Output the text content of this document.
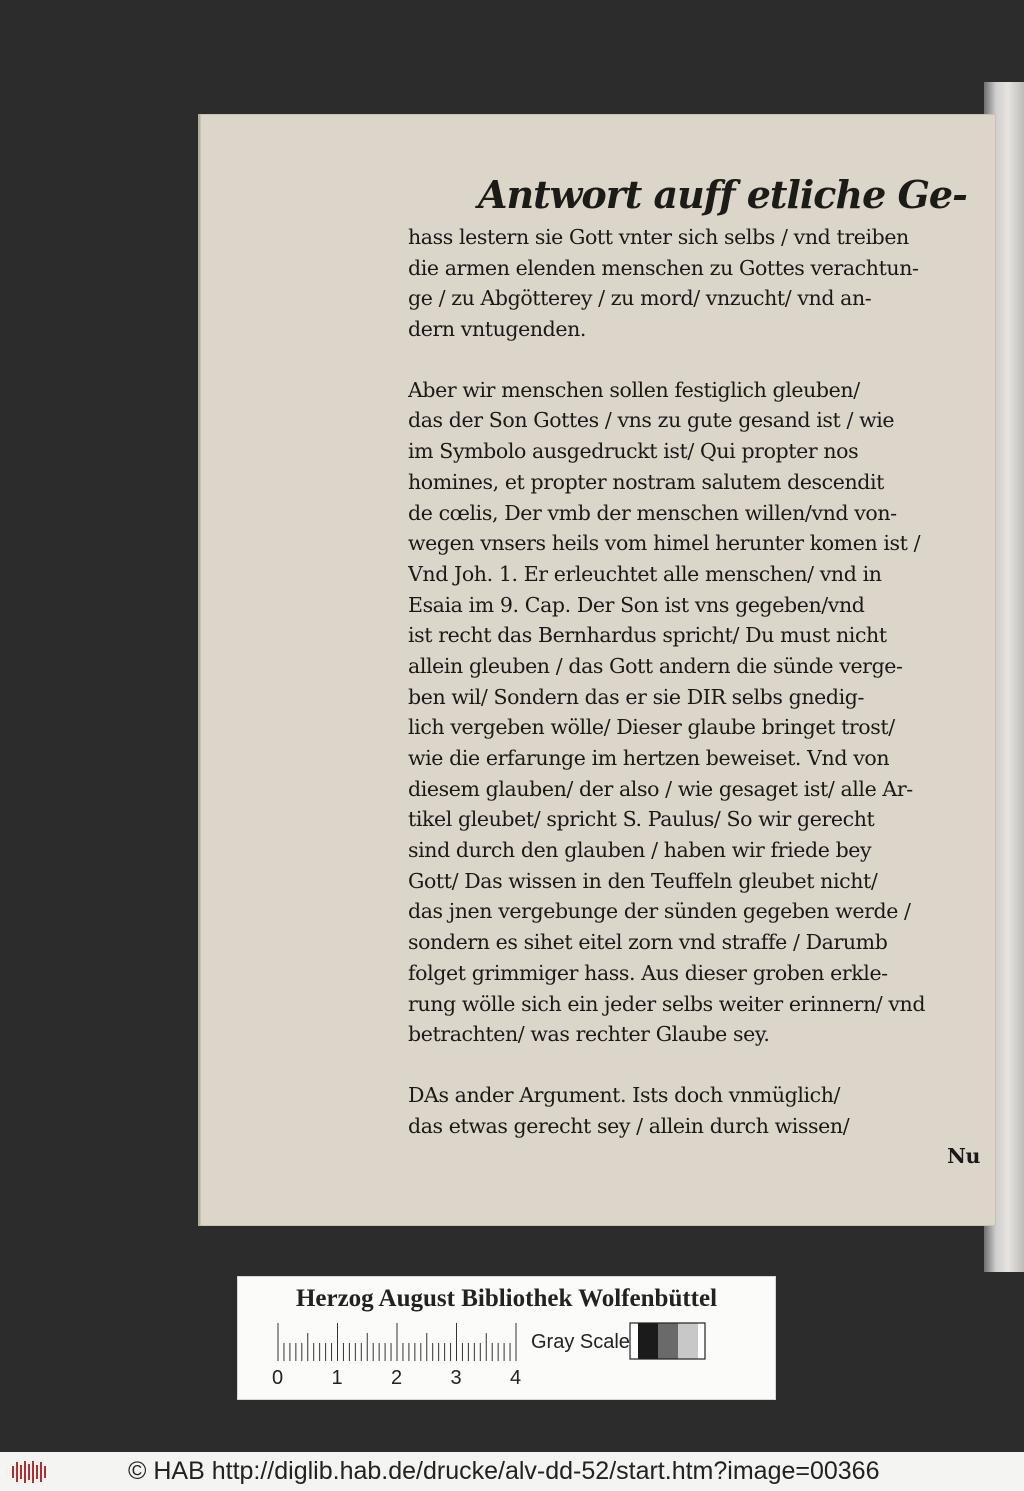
Antwort auff etliche Ge-
hass lestern sie Gott vnter sich selbs / vnd treiben
die armen elenden menschen zu Gottes verachtun-
ge / zu Abgötterey / zu mord/ vnzucht/ vnd an-
dern vntugenden.
Aber wir menschen sollen festiglich gleuben/
das der Son Gottes / vns zu gute gesand ist / wie
im Symbolo ausgedruckt ist/ Qui propter nos
homines, et propter nostram salutem descendit
de cœlis, Der vmb der menschen willen/vnd von-
wegen vnsers heils vom himel herunter komen ist /
Vnd Joh. 1. Er erleuchtet alle menschen/ vnd in
Esaia im 9. Cap. Der Son ist vns gegeben/vnd
ist recht das Bernhardus spricht/ Du must nicht
allein gleuben / das Gott andern die sünde verge-
ben wil/ Sondern das er sie DIR selbs gnedig-
lich vergeben wölle/ Dieser glaube bringet trost/
wie die erfarunge im hertzen beweiset. Vnd von
diesem glauben/ der also / wie gesaget ist/ alle Ar-
tikel gleubet/ spricht S. Paulus/ So wir gerecht
sind durch den glauben / haben wir friede bey
Gott/ Das wissen in den Teuffeln gleubet nicht/
das jnen vergebunge der sünden gegeben werde /
sondern es sihet eitel zorn vnd straffe / Darumb
folget grimmiger hass. Aus dieser groben erkle-
rung wölle sich ein jeder selbs weiter erinnern/ vnd
betrachten/ was rechter Glaube sey.
DAs ander Argument. Ists doch vnmüglich/
das etwas gerecht sey / allein durch wissen/
Nu
Herzog August Bibliothek Wolfenbüttel
Gray Scale
0 1 2 3 4
© HAB http://diglib.hab.de/drucke/alv-dd-52/start.htm?image=00366
